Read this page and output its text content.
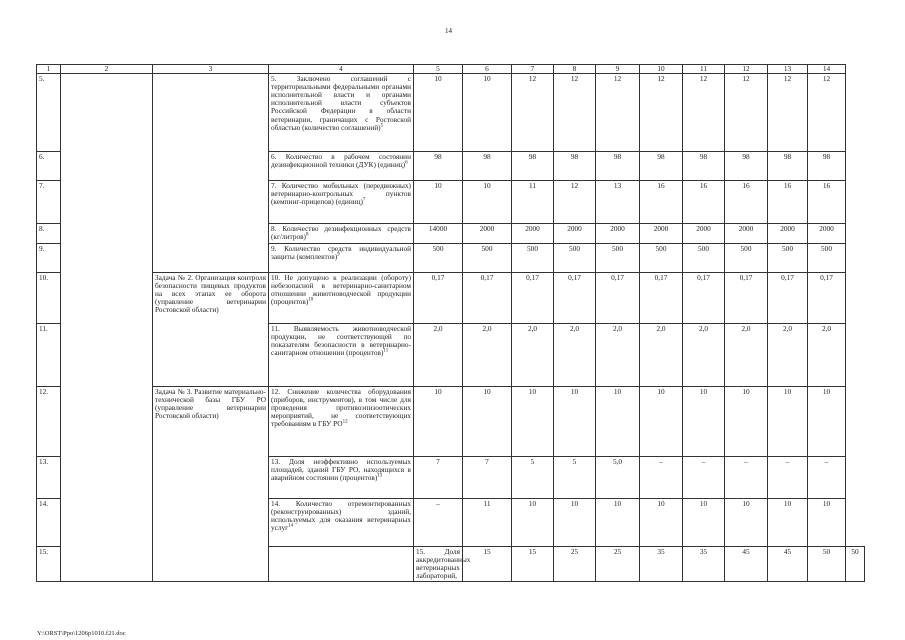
14
1	2	3	4	5	6	7	8	9	10	11	12	13	14	
5.			5. Заключено соглашений с территориальными федеральными органами исполнительной власти и органами исполнительной власти субъектов Российской Федерации в области ветеринарии, граничащих с Ростовской областью (количество соглашений)$^5$	10	10	12	12	12	12	12	12	12	12	
6.			6. Количество в рабочем состоянии дезинфекционной техники (ДУК) (единиц)$^6$	98	98	98	98	98	98	98	98	98	98	
7.			7. Количество мобильных (передвижных) ветеринарно-контрольных пунктов (кемпинг-прицепов) (единиц)$^7$	10	10	11	12	13	16	16	16	16	16	
8.			8. Количество дезинфекционных средств (кг/литров)$^8$	14000	2000	2000	2000	2000	2000	2000	2000	2000	2000	
9.			9. Количество средств индивидуальной защиты (комплектов)$^9$	500	500	500	500	500	500	500	500	500	500	
10.		Задача № 2. Организация контроля безопасности пищевых продуктов на всех этапах ее оборота (управление ветеринарии Ростовской области)	10. Не допущено к реализации (обороту) небезопасной в ветеринарно-санитарном отношении животноводческой продукции (процентов)$^{10}$	0,17	0,17	0,17	0,17	0,17	0,17	0,17	0,17	0,17	0,17	
11.			11. Выявляемость животноводческой продукции, не соответствующей по показателям безопасности в ветеринарно-санитарном отношении (процентов)$^{11}$	2,0	2,0	2,0	2,0	2,0	2,0	2,0	2,0	2,0	2,0	
12.		Задача № 3. Развитие материально-технической базы ГБУ РО (управление ветеринарии Ростовской области)	12. Снижение количества оборудования (приборов, инструментов), в том числе для проведения противоэпизоотических мероприятий, не соответствующих требованиям в ГБУ РО$^{12}$	10	10	10	10	10	10	10	10	10	10	
13.			13. Доля неэффективно используемых площадей, зданий ГБУ РО, находящихся в аварийном состоянии (процентов)$^{13}$	7	7	5	5	5,0	–	–	–	–	–	
14.			14. Количество отремонтированных (реконструированных) зданий, используемых для оказания ветеринарных услуг$^{14}$	–	11	10	10	10	10	10	10	10	10	
15.				15. Доля аккредитованных ветеринарных лабораторий,	15	15	25	25	35	35	45	45	50	50
Y:\ORST\Ppo\1206p1010.f21.doc
